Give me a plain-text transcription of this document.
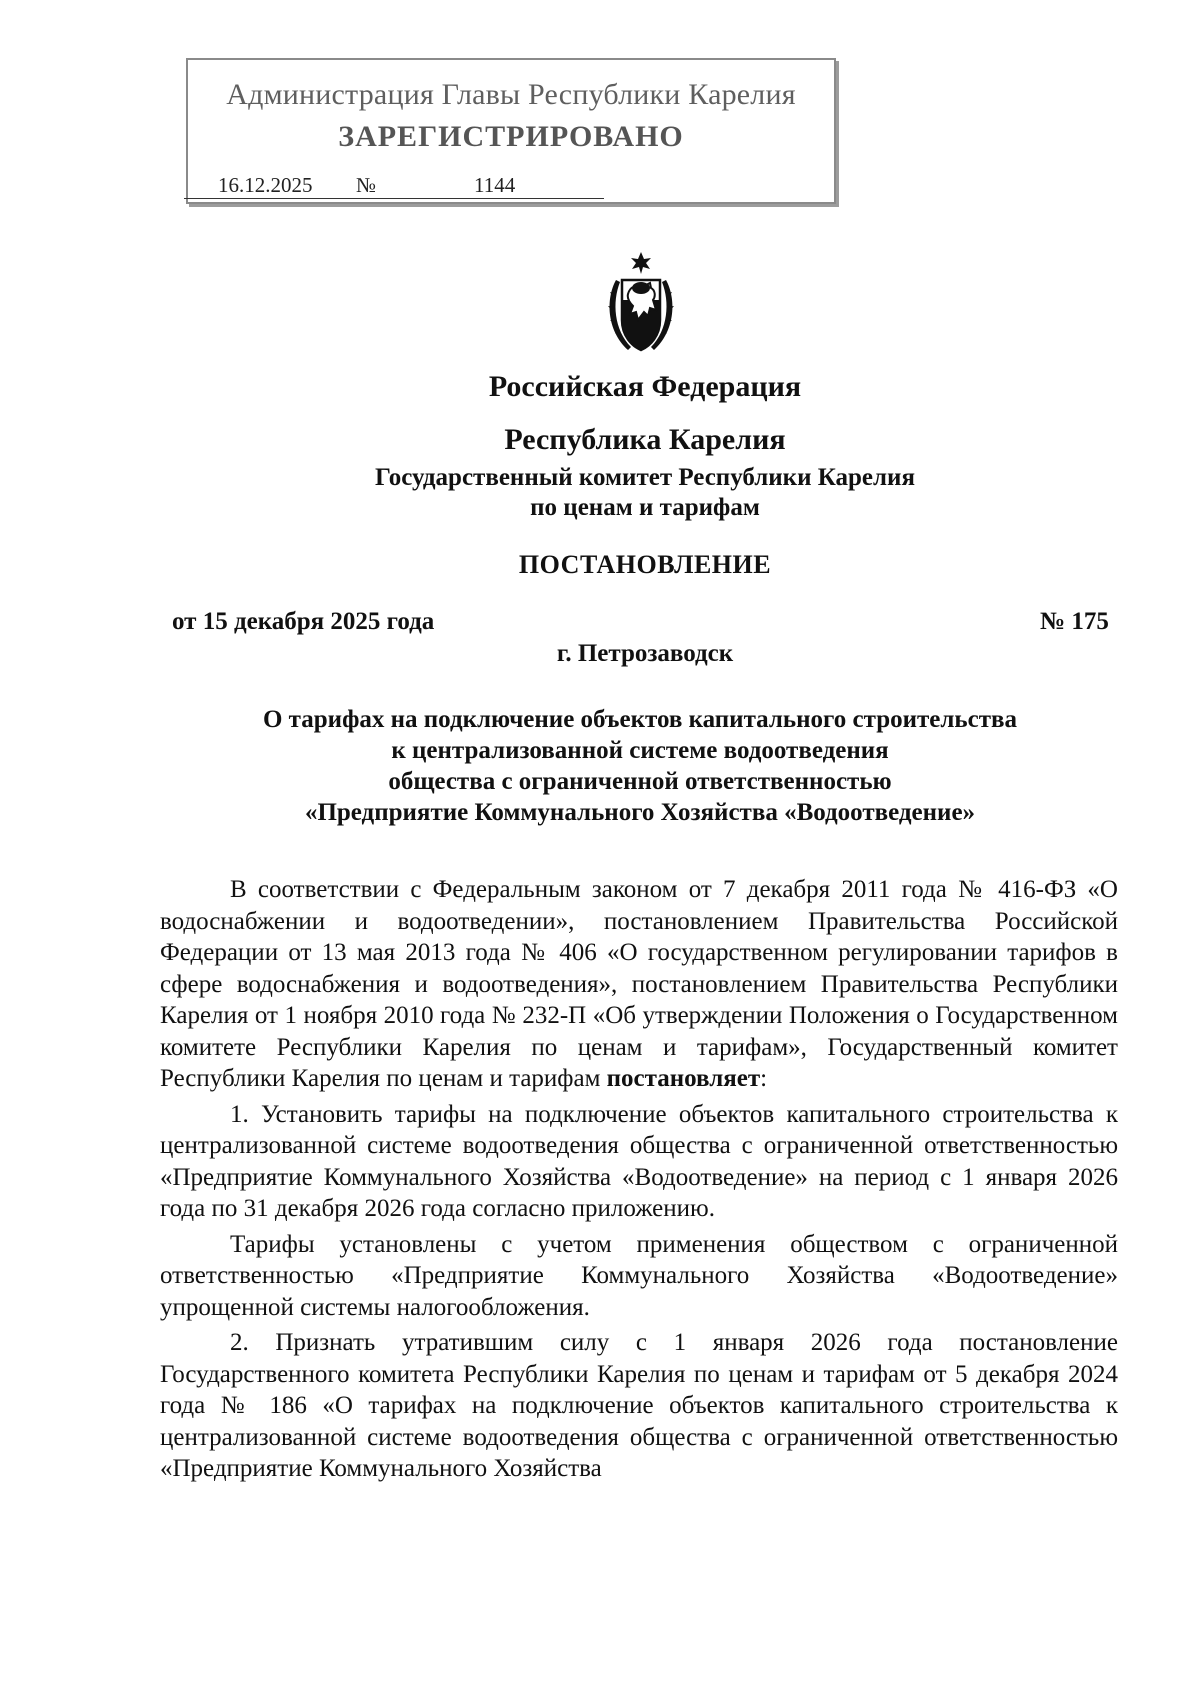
Администрация Главы Республики Карелия
ЗАРЕГИСТРИРОВАНО
16.12.2025 №	1144
Российская Федерация
Республика Карелия
Государственный комитет Республики Карелия
по ценам и тарифам
ПОСТАНОВЛЕНИЕ
от 15 декабря 2025 года	№ 175
г. Петрозаводск
О тарифах на подключение объектов капитального строительства
к централизованной системе водоотведения
общества с ограниченной ответственностью
«Предприятие Коммунального Хозяйства «Водоотведение»

В соответствии с Федеральным законом от 7 декабря 2011 года № 416-ФЗ «О водоснабжении и водоотведении», постановлением Правительства Российской Федерации от 13 мая 2013 года № 406 «О государственном регулировании тарифов в сфере водоснабжения и водоотведения», постановлением Правительства Республики Карелия от 1 ноября 2010 года № 232-П «Об утверждении Положения о Государственном комитете Республики Карелия по ценам и тарифам», Государственный комитет Республики Карелия по ценам и тарифам постановляет:

1. Установить тарифы на подключение объектов капитального строительства к централизованной системе водоотведения общества с ограниченной ответственностью «Предприятие Коммунального Хозяйства «Водоотведение» на период с 1 января 2026 года по 31 декабря 2026 года согласно приложению.

Тарифы установлены с учетом применения обществом с ограниченной ответственностью «Предприятие Коммунального Хозяйства «Водоотведение» упрощенной системы налогообложения.

2. Признать утратившим силу с 1 января 2026 года постановление Государственного комитета Республики Карелия по ценам и тарифам от 5 декабря 2024 года № 186 «О тарифах на подключение объектов капитального строительства к централизованной системе водоотведения общества с ограниченной ответственностью «Предприятие Коммунального Хозяйства
